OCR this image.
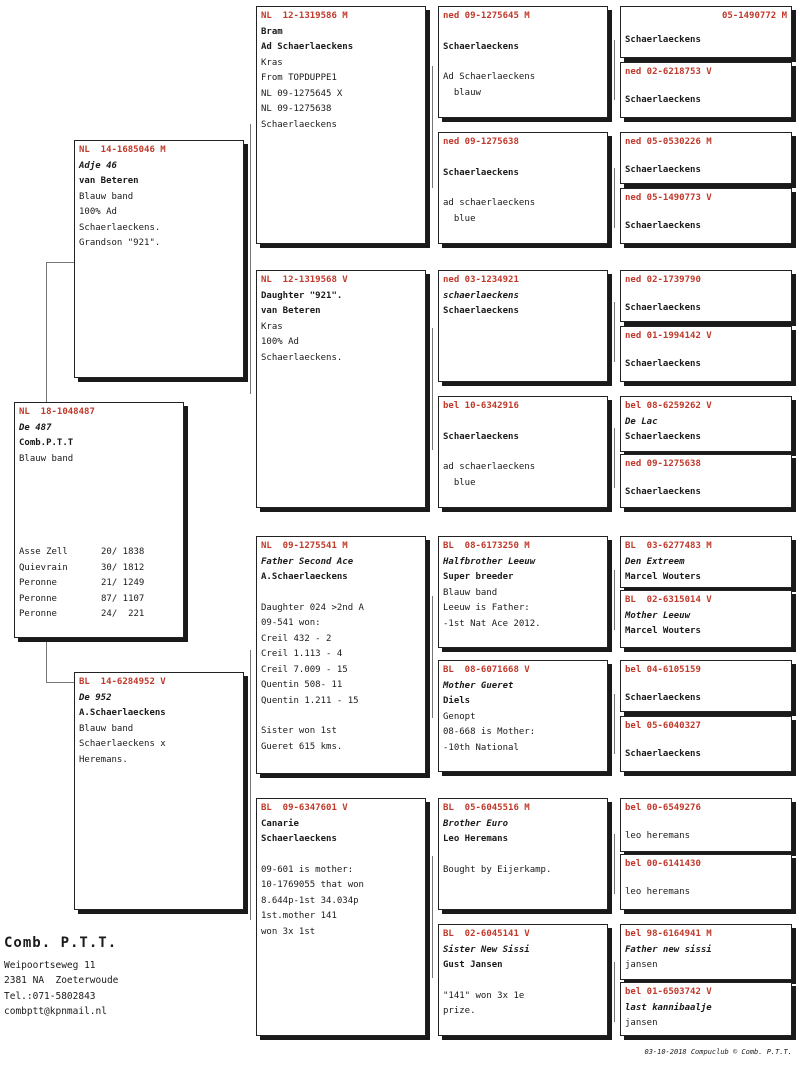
NL  18-1048487
De 487
Comb.P.T.T
Blauw band
Asse Zell	20/ 1838
Quievrain	30/ 1812
Peronne	21/ 1249
Peronne	87/ 1107
Peronne	24/  221
NL  14-1685046 M
Adje 46
van Beteren
Blauw band
100% Ad
Schaerlaeckens.
Grandson "921".
BL  14-6284952 V
De 952
A.Schaerlaeckens
Blauw band
Schaerlaeckens x
Heremans.
NL  12-1319586 M
Bram
Ad Schaerlaeckens
Kras
From TOPDUPPE1
NL 09-1275645 X
NL 09-1275638
Schaerlaeckens
NL  12-1319568 V
Daughter "921".
van Beteren
Kras
100% Ad
Schaerlaeckens.
NL  09-1275541 M
Father Second Ace
A.Schaerlaeckens
Daughter 024 >2nd A
09-541 won:
Creil 432 - 2
Creil 1.113 - 4
Creil 7.009 - 15
Quentin 508- 11
Quentin 1.211 - 15
Sister won 1st
Gueret 615 kms.
BL  09-6347601 V
Canarie
Schaerlaeckens
09-601 is mother:
10-1769055 that won
8.644p-1st 34.034p
1st.mother 141
won 3x 1st
ned 09-1275645 M
Schaerlaeckens
Ad Schaerlaeckens
blauw
ned 09-1275638
Schaerlaeckens
ad schaerlaeckens
blue
ned 03-1234921
schaerlaeckens
Schaerlaeckens
bel 10-6342916
Schaerlaeckens
ad schaerlaeckens
blue
BL  08-6173250 M
Halfbrother Leeuw
Super breeder
Blauw band
Leeuw is Father:
-1st Nat Ace 2012.
BL  08-6071668 V
Mother Gueret
Diels
Genopt
08-668 is Mother:
-10th National
BL  05-6045516 M
Brother Euro
Leo Heremans
Bought by Eijerkamp.
BL  02-6045141 V
Sister New Sissi
Gust Jansen
"141" won 3x 1e
prize.
05-1490772 M
Schaerlaeckens
ned 02-6218753 V
Schaerlaeckens
ned 05-0530226 M
Schaerlaeckens
ned 05-1490773 V
Schaerlaeckens
ned 02-1739790
Schaerlaeckens
ned 01-1994142 V
Schaerlaeckens
bel 08-6259262 V
De Lac
Schaerlaeckens
ned 09-1275638
Schaerlaeckens
BL  03-6277483 M
Den Extreem
Marcel Wouters
BL  02-6315014 V
Mother Leeuw
Marcel Wouters
bel 04-6105159
Schaerlaeckens
bel 05-6040327
Schaerlaeckens
bel 00-6549276
leo heremans
bel 00-6141430
leo heremans
bel 98-6164941 M
Father new sissi
jansen
bel 01-6503742 V
last kannibaalje
jansen
Comb. P.T.T.
Weipoortseweg 11
2381 NA  Zoeterwoude
Tel.:071-5802843
combptt@kpnmail.nl
03-10-2018 Compuclub © Comb. P.T.T.
